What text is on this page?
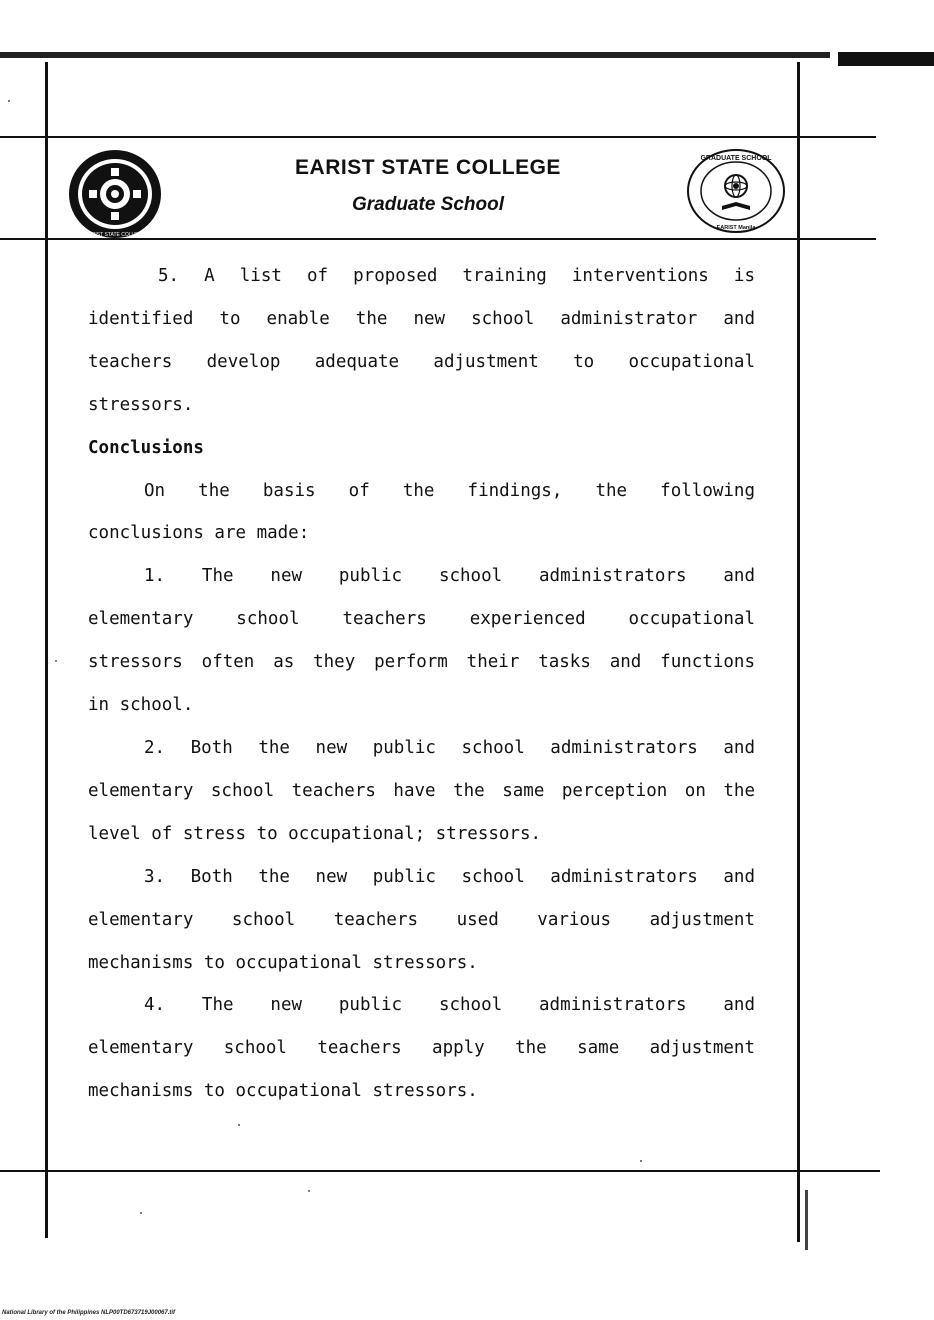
EARIST STATE COLLEGE
GRADUATE SCHOOL
EARIST Manila
EARIST STATE COLLEGE
Graduate School

5. A list of proposed training interventions is

identified to enable the new school administrator and

teachers develop adequate adjustment to occupational

stressors.

Conclusions

On the basis of the findings, the following

conclusions are made:

1. The new public school administrators and

elementary school teachers experienced occupational

stressors often as they perform their tasks and functions

in school.

2. Both the new public school administrators and

elementary school teachers have the same perception on the

level of stress to occupational; stressors.

3. Both the new public school administrators and

elementary school teachers used various adjustment

mechanisms to occupational stressors.

4. The new public school administrators and

elementary school teachers apply the same adjustment

mechanisms to occupational stressors.

National Library of the Philippines NLP00TD673719J00067.tif
